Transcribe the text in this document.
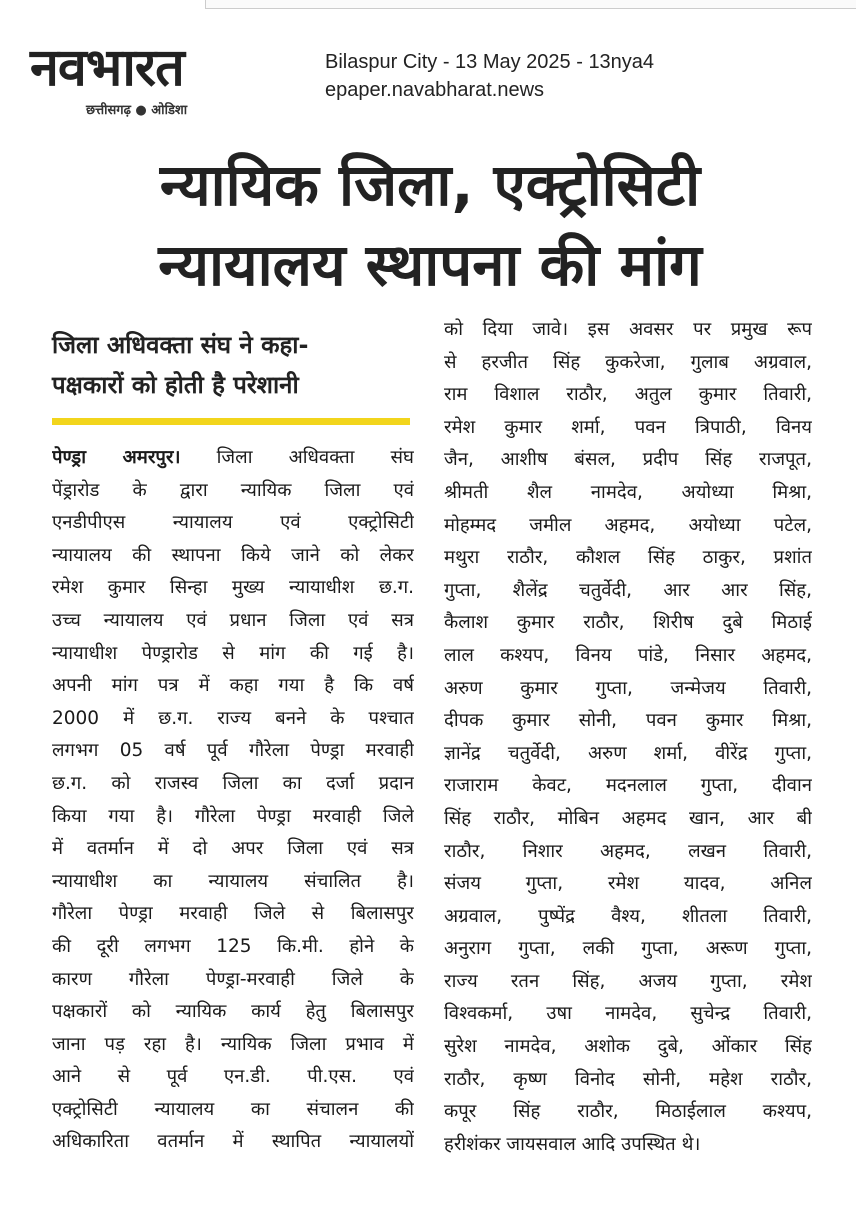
नवभारत
छत्तीसगढ़ ● ओडिशा
Bilaspur City - 13 May 2025 - 13nya4
epaper.navabharat.news
न्यायिक जिला, एक्ट्रोसिटी
न्यायालय स्थापना की मांग
जिला अधिवक्ता संघ ने कहा-
पक्षकारों को होती है परेशानी
पेण्ड्रा अमरपुर। जिला अधिवक्ता संघ
पेंड्रारोड के द्वारा न्यायिक जिला एवं
एनडीपीएस न्यायालय एवं एक्ट्रोसिटी
न्यायालय की स्थापना किये जाने को लेकर
रमेश कुमार सिन्हा मुख्य न्यायाधीश छ.ग.
उच्च न्यायालय एवं प्रधान जिला एवं सत्र
न्यायाधीश पेण्ड्रारोड से मांग की गई है।
अपनी मांग पत्र में कहा गया है कि वर्ष
2000 में छ.ग. राज्य बनने के पश्चात
लगभग 05 वर्ष पूर्व गौरेला पेण्ड्रा मरवाही
छ.ग. को राजस्व जिला का दर्जा प्रदान
किया गया है। गौरेला पेण्ड्रा मरवाही जिले
में वतर्मान में दो अपर जिला एवं सत्र
न्यायाधीश का न्यायालय संचालित है।
गौरेला पेण्ड्रा मरवाही जिले से बिलासपुर
की दूरी लगभग 125 कि.मी. होने के
कारण गौरेला पेण्ड्रा-मरवाही जिले के
पक्षकारों को न्यायिक कार्य हेतु बिलासपुर
जाना पड़ रहा है। न्यायिक जिला प्रभाव में
आने से पूर्व एन.डी. पी.एस. एवं
एक्ट्रोसिटी न्यायालय का संचालन की
अधिकारिता वतर्मान में स्थापित न्यायालयों
को दिया जावे। इस अवसर पर प्रमुख रूप
से हरजीत सिंह कुकरेजा, गुलाब अग्रवाल,
राम विशाल राठौर, अतुल कुमार तिवारी,
रमेश कुमार शर्मा, पवन त्रिपाठी, विनय
जैन, आशीष बंसल, प्रदीप सिंह राजपूत,
श्रीमती शैल नामदेव, अयोध्या मिश्रा,
मोहम्मद जमील अहमद, अयोध्या पटेल,
मथुरा राठौर, कौशल सिंह ठाकुर, प्रशांत
गुप्ता, शैलेंद्र चतुर्वेदी, आर आर सिंह,
कैलाश कुमार राठौर, शिरीष दुबे मिठाई
लाल कश्यप, विनय पांडे, निसार अहमद,
अरुण कुमार गुप्ता, जन्मेजय तिवारी,
दीपक कुमार सोनी, पवन कुमार मिश्रा,
ज्ञानेंद्र चतुर्वेदी, अरुण शर्मा, वीरेंद्र गुप्ता,
राजाराम केवट, मदनलाल गुप्ता, दीवान
सिंह राठौर, मोबिन अहमद खान, आर बी
राठौर, निशार अहमद, लखन तिवारी,
संजय गुप्ता, रमेश यादव, अनिल
अग्रवाल, पुष्पेंद्र वैश्य, शीतला तिवारी,
अनुराग गुप्ता, लकी गुप्ता, अरूण गुप्ता,
राज्य रतन सिंह, अजय गुप्ता, रमेश
विश्वकर्मा, उषा नामदेव, सुचेन्द्र तिवारी,
सुरेश नामदेव, अशोक दुबे, ओंकार सिंह
राठौर, कृष्ण विनोद सोनी, महेश राठौर,
कपूर सिंह राठौर, मिठाईलाल कश्यप,
हरीशंकर जायसवाल आदि उपस्थित थे।
